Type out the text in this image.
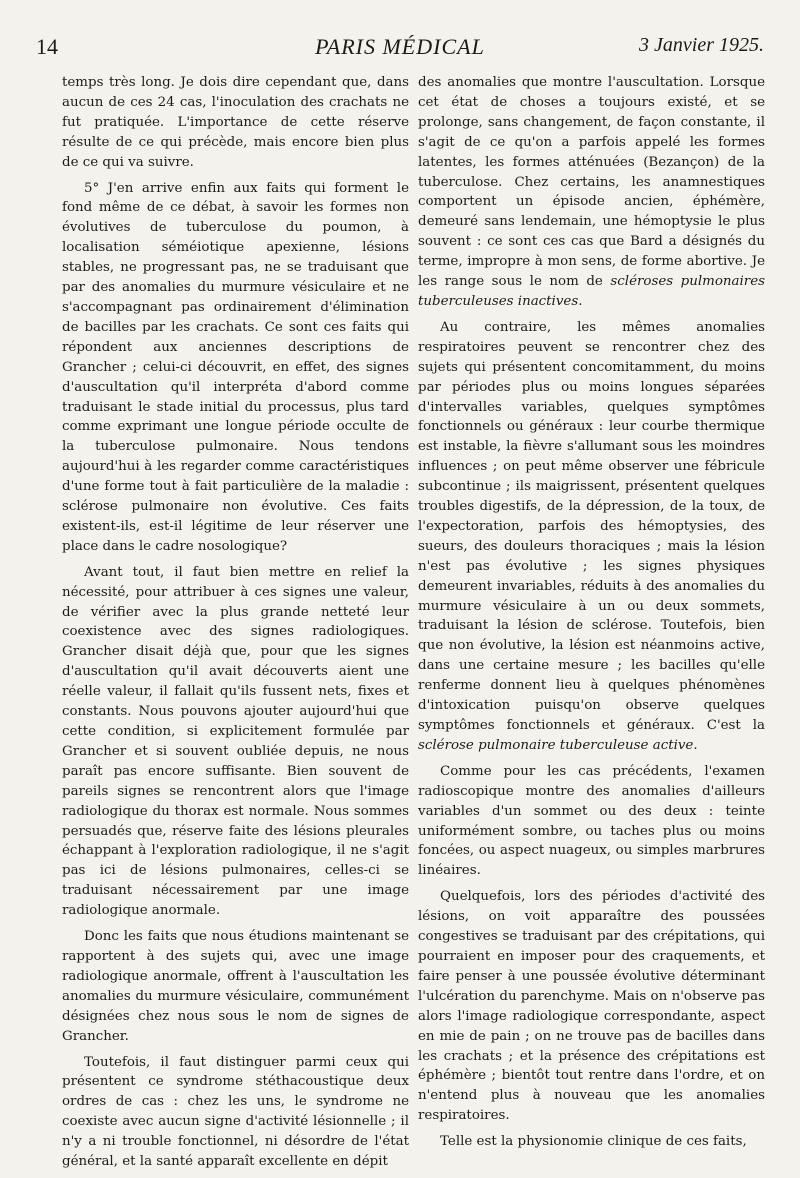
14	PARIS MÉDICAL	3 Janvier 1925.

temps très long. Je dois dire cependant que, dans aucun de ces 24 cas, l'inoculation des crachats ne fut pratiquée. L'importance de cette réserve résulte de ce qui précède, mais encore bien plus de ce qui va suivre.

5° J'en arrive enfin aux faits qui forment le fond même de ce débat, à savoir les formes non évolutives de tuberculose du poumon, à localisation séméiotique apexienne, lésions stables, ne progressant pas, ne se traduisant que par des anomalies du murmure vésiculaire et ne s'accompagnant pas ordinairement d'élimination de bacilles par les crachats. Ce sont ces faits qui répondent aux anciennes descriptions de Grancher ; celui-ci découvrit, en effet, des signes d'auscultation qu'il interpréta d'abord comme traduisant le stade initial du processus, plus tard comme exprimant une longue période occulte de la tuberculose pulmonaire. Nous tendons aujourd'hui à les regarder comme caractéristiques d'une forme tout à fait particulière de la maladie : sclérose pulmonaire non évolutive. Ces faits existent-ils, est-il légitime de leur réserver une place dans le cadre nosologique?

Avant tout, il faut bien mettre en relief la nécessité, pour attribuer à ces signes une valeur, de vérifier avec la plus grande netteté leur coexistence avec des signes radiologiques. Grancher disait déjà que, pour que les signes d'auscultation qu'il avait découverts aient une réelle valeur, il fallait qu'ils fussent nets, fixes et constants. Nous pouvons ajouter aujourd'hui que cette condition, si explicitement formulée par Grancher et si souvent oubliée depuis, ne nous paraît pas encore suffisante. Bien souvent de pareils signes se rencontrent alors que l'image radiologique du thorax est normale. Nous sommes persuadés que, réserve faite des lésions pleurales échappant à l'exploration radiologique, il ne s'agit pas ici de lésions pulmonaires, celles-ci se traduisant nécessairement par une image radiologique anormale.

Donc les faits que nous étudions maintenant se rapportent à des sujets qui, avec une image radiologique anormale, offrent à l'auscultation les anomalies du murmure vésiculaire, communément désignées chez nous sous le nom de signes de Grancher.

Toutefois, il faut distinguer parmi ceux qui présentent ce syndrome stéthacoustique deux ordres de cas : chez les uns, le syndrome ne coexiste avec aucun signe d'activité lésionnelle ; il n'y a ni trouble fonctionnel, ni désordre de l'état général, et la santé apparaît excellente en dépit

des anomalies que montre l'auscultation. Lorsque cet état de choses a toujours existé, et se prolonge, sans changement, de façon constante, il s'agit de ce qu'on a parfois appelé les formes latentes, les formes atténuées (Bezançon) de la tuberculose. Chez certains, les anamnestiques comportent un épisode ancien, éphémère, demeuré sans lendemain, une hémoptysie le plus souvent : ce sont ces cas que Bard a désignés du terme, impropre à mon sens, de forme abortive. Je les range sous le nom de scléroses pulmonaires tuberculeuses inactives.

Au contraire, les mêmes anomalies respiratoires peuvent se rencontrer chez des sujets qui présentent concomitamment, du moins par périodes plus ou moins longues séparées d'intervalles variables, quelques symptômes fonctionnels ou généraux : leur courbe thermique est instable, la fièvre s'allumant sous les moindres influences ; on peut même observer une fébricule subcontinue ; ils maigrissent, présentent quelques troubles digestifs, de la dépression, de la toux, de l'expectoration, parfois des hémoptysies, des sueurs, des douleurs thoraciques ; mais la lésion n'est pas évolutive ; les signes physiques demeurent invariables, réduits à des anomalies du murmure vésiculaire à un ou deux sommets, traduisant la lésion de sclérose. Toutefois, bien que non évolutive, la lésion est néanmoins active, dans une certaine mesure ; les bacilles qu'elle renferme donnent lieu à quelques phénomènes d'intoxication puisqu'on observe quelques symptômes fonctionnels et généraux. C'est la sclérose pulmonaire tuberculeuse active.

Comme pour les cas précédents, l'examen radioscopique montre des anomalies d'ailleurs variables d'un sommet ou des deux : teinte uniformément sombre, ou taches plus ou moins foncées, ou aspect nuageux, ou simples marbrures linéaires.

Quelquefois, lors des périodes d'activité des lésions, on voit apparaître des poussées congestives se traduisant par des crépitations, qui pourraient en imposer pour des craquements, et faire penser à une poussée évolutive déterminant l'ulcération du parenchyme. Mais on n'observe pas alors l'image radiologique correspondante, aspect en mie de pain ; on ne trouve pas de bacilles dans les crachats ; et la présence des crépitations est éphémère ; bientôt tout rentre dans l'ordre, et on n'entend plus à nouveau que les anomalies respiratoires.

Telle est la physionomie clinique de ces faits,
